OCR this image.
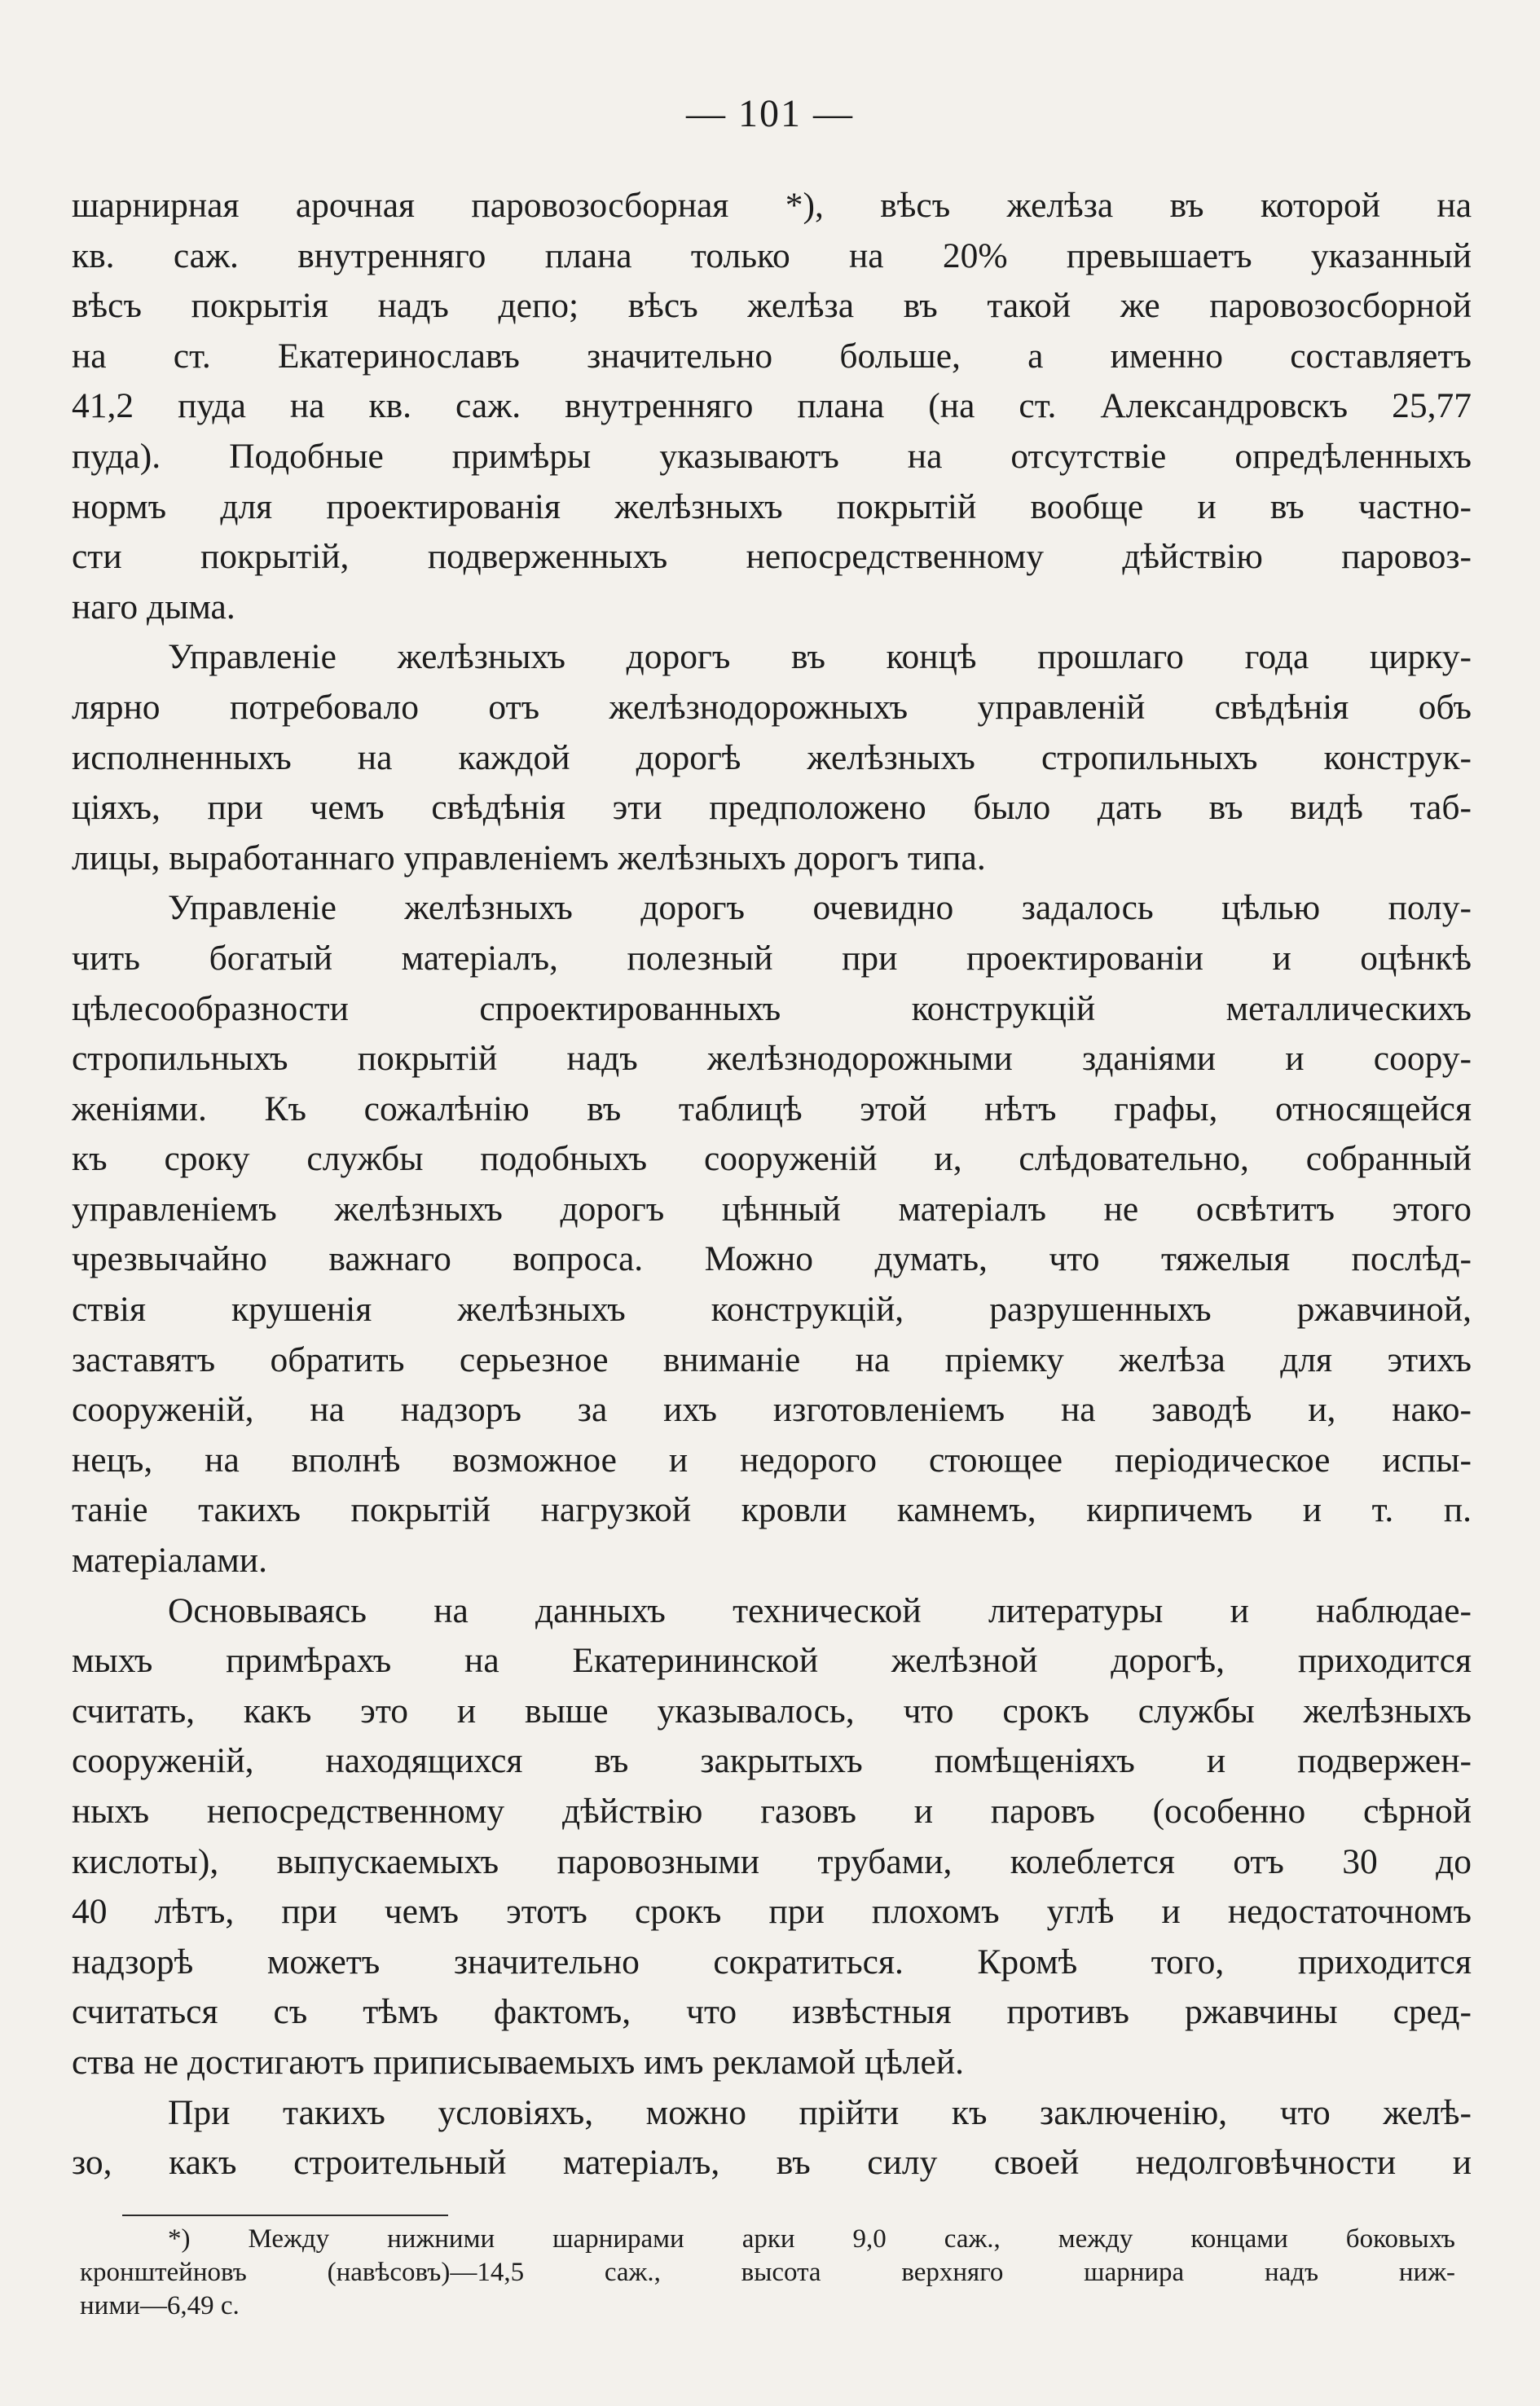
— 101 —
шарнирная арочная паровозосборная *), вѣсъ желѣза въ которой на
кв. саж. внутренняго плана только на 20% превышаетъ указанный
вѣсъ покрытія надъ депо; вѣсъ желѣза въ такой же паровозосборной
на ст. Екатеринославъ значительно больше, а именно составляетъ
41,2 пуда на кв. саж. внутренняго плана (на ст. Александровскъ 25,77
пуда). Подобные примѣры указываютъ на отсутствіе опредѣленныхъ
нормъ для проектированія желѣзныхъ покрытій вообще и въ частно-
сти покрытій, подверженныхъ непосредственному дѣйствію паровоз-
наго дыма.
Управленіе желѣзныхъ дорогъ въ концѣ прошлаго года цирку-
лярно потребовало отъ желѣзнодорожныхъ управленій свѣдѣнія объ
исполненныхъ на каждой дорогѣ желѣзныхъ стропильныхъ конструк-
ціяхъ, при чемъ свѣдѣнія эти предположено было дать въ видѣ таб-
лицы, выработаннаго управленіемъ желѣзныхъ дорогъ типа.
Управленіе желѣзныхъ дорогъ очевидно задалось цѣлью полу-
чить богатый матеріалъ, полезный при проектированіи и оцѣнкѣ
цѣлесообразности спроектированныхъ конструкцій металлическихъ
стропильныхъ покрытій надъ желѣзнодорожными зданіями и соору-
женіями. Къ сожалѣнію въ таблицѣ этой нѣтъ графы, относящейся
къ сроку службы подобныхъ сооруженій и, слѣдовательно, собранный
управленіемъ желѣзныхъ дорогъ цѣнный матеріалъ не освѣтитъ этого
чрезвычайно важнаго вопроса. Можно думать, что тяжелыя послѣд-
ствія крушенія желѣзныхъ конструкцій, разрушенныхъ ржавчиной,
заставятъ обратить серьезное вниманіе на пріемку желѣза для этихъ
сооруженій, на надзоръ за ихъ изготовленіемъ на заводѣ и, нако-
нецъ, на вполнѣ возможное и недорого стоющее періодическое испы-
таніе такихъ покрытій нагрузкой кровли камнемъ, кирпичемъ и т. п.
матеріалами.
Основываясь на данныхъ технической литературы и наблюдае-
мыхъ примѣрахъ на Екатерининской желѣзной дорогѣ, приходится
считать, какъ это и выше указывалось, что срокъ службы желѣзныхъ
сооруженій, находящихся въ закрытыхъ помѣщеніяхъ и подвержен-
ныхъ непосредственному дѣйствію газовъ и паровъ (особенно сѣрной
кислоты), выпускаемыхъ паровозными трубами, колеблется отъ 30 до
40 лѣтъ, при чемъ этотъ срокъ при плохомъ углѣ и недостаточномъ
надзорѣ можетъ значительно сократиться. Кромѣ того, приходится
считаться съ тѣмъ фактомъ, что извѣстныя противъ ржавчины сред-
ства не достигаютъ приписываемыхъ имъ рекламой цѣлей.
При такихъ условіяхъ, можно прійти къ заключенію, что желѣ-
зо, какъ строительный матеріалъ, въ силу своей недолговѣчности и
*) Между нижними шарнирами арки 9,0 саж., между концами боковыхъ
кронштейновъ (навѣсовъ)—14,5 саж., высота верхняго шарнира надъ ниж-
ними—6,49 с.
